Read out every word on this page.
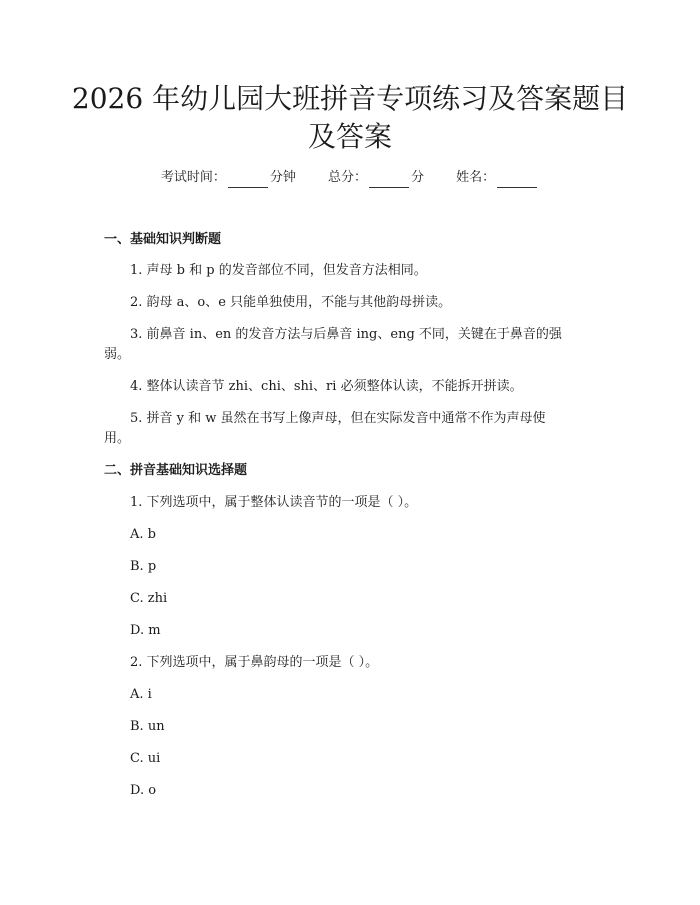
2026 年幼儿园大班拼音专项练习及答案题目
及答案
考试时间：	分钟 总分：	分 姓名：
一、基础知识判断题
1. 声母 b 和 p 的发音部位不同，但发音方法相同。
2. 韵母 a、o、e 只能单独使用，不能与其他韵母拼读。
3. 前鼻音 in、en 的发音方法与后鼻音 ing、eng 不同，关键在于鼻音的强
弱。
4. 整体认读音节 zhi、chi、shi、ri 必须整体认读，不能拆开拼读。
5. 拼音 y 和 w 虽然在书写上像声母，但在实际发音中通常不作为声母使
用。
二、拼音基础知识选择题
1. 下列选项中，属于整体认读音节的一项是（ ）。
A. b
B. p
C. zhi
D. m
2. 下列选项中，属于鼻韵母的一项是（ ）。
A. i
B. un
C. ui
D. o
